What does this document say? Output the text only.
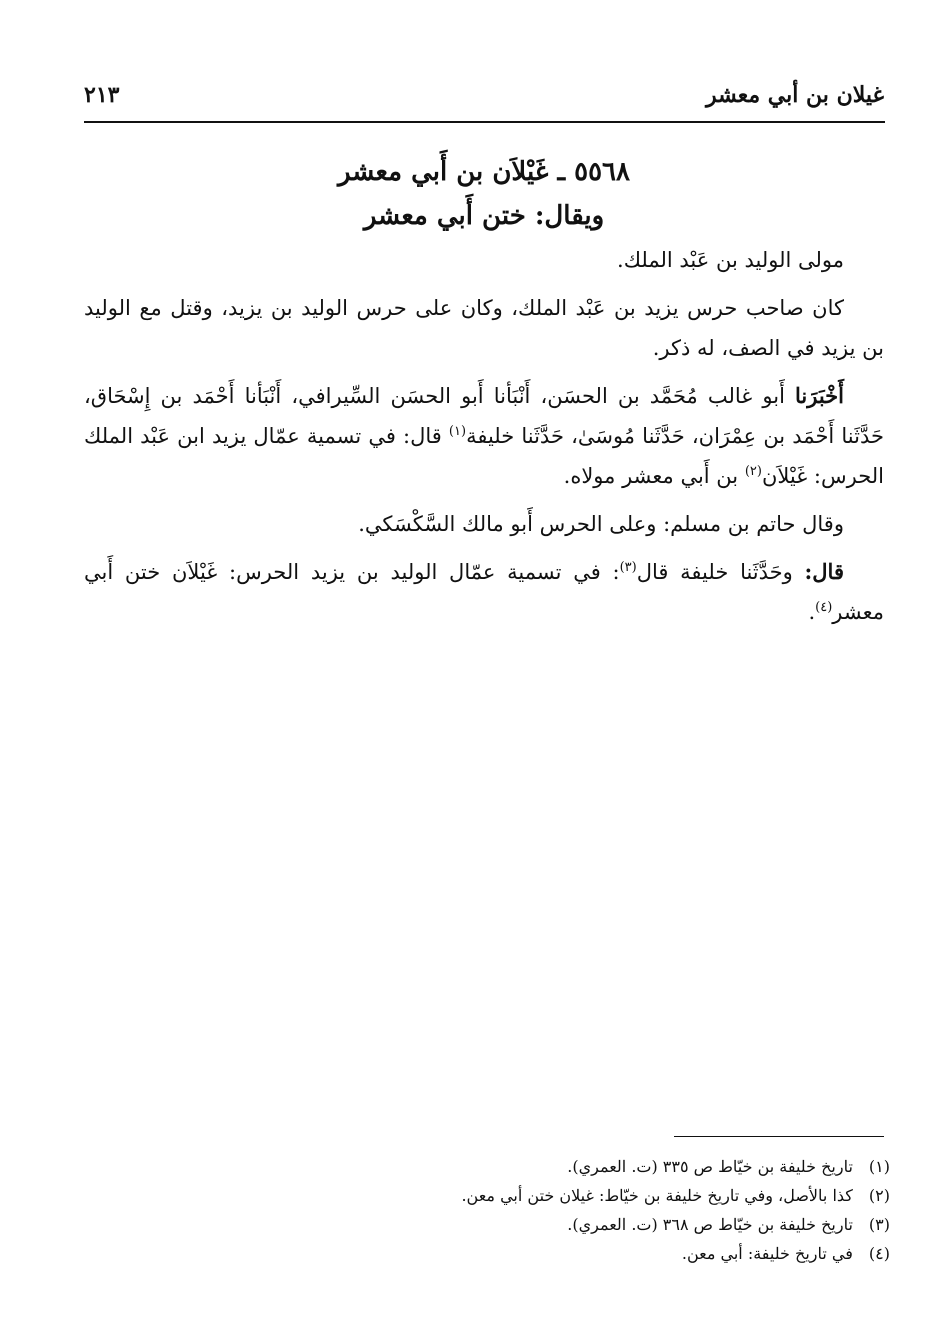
غيلان بن أبي معشر
٢١٣
٥٥٦٨ ـ غَيْلاَن بن أَبي معشر
ويقال: ختن أَبي معشر

مولى الوليد بن عَبْد الملك.

كان صاحب حرس يزيد بن عَبْد الملك، وكان على حرس الوليد بن يزيد، وقتل مع الوليد بن يزيد في الصف، له ذكر.

أَخْبَرَنا أَبو غالب مُحَمَّد بن الحسَن، أَنْبَأنا أَبو الحسَن السِّيرافي، أَنْبَأنا أَحْمَد بن إِسْحَاق، حَدَّثَنا أَحْمَد بن عِمْرَان، حَدَّثَنا مُوسَىٰ، حَدَّثَنا خليفة$^{(١)}$ قال: في تسمية عمّال يزيد ابن عَبْد الملك الحرس: غَيْلاَن$^{(٢)}$ بن أَبي معشر مولاه.

وقال حاتم بن مسلم: وعلى الحرس أَبو مالك السَّكْسَكي.

قال: وحَدَّثَنا خليفة قال$^{(٣)}$: في تسمية عمّال الوليد بن يزيد الحرس: غَيْلاَن ختن أَبي معشر$^{(٤)}$.

(١) تاريخ خليفة بن خيّاط ص ٣٣٥ (ت. العمري).
(٢) كذا بالأصل، وفي تاريخ خليفة بن خيّاط: غيلان ختن أبي معن.
(٣) تاريخ خليفة بن خيّاط ص ٣٦٨ (ت. العمري).
(٤) في تاريخ خليفة: أبي معن.
